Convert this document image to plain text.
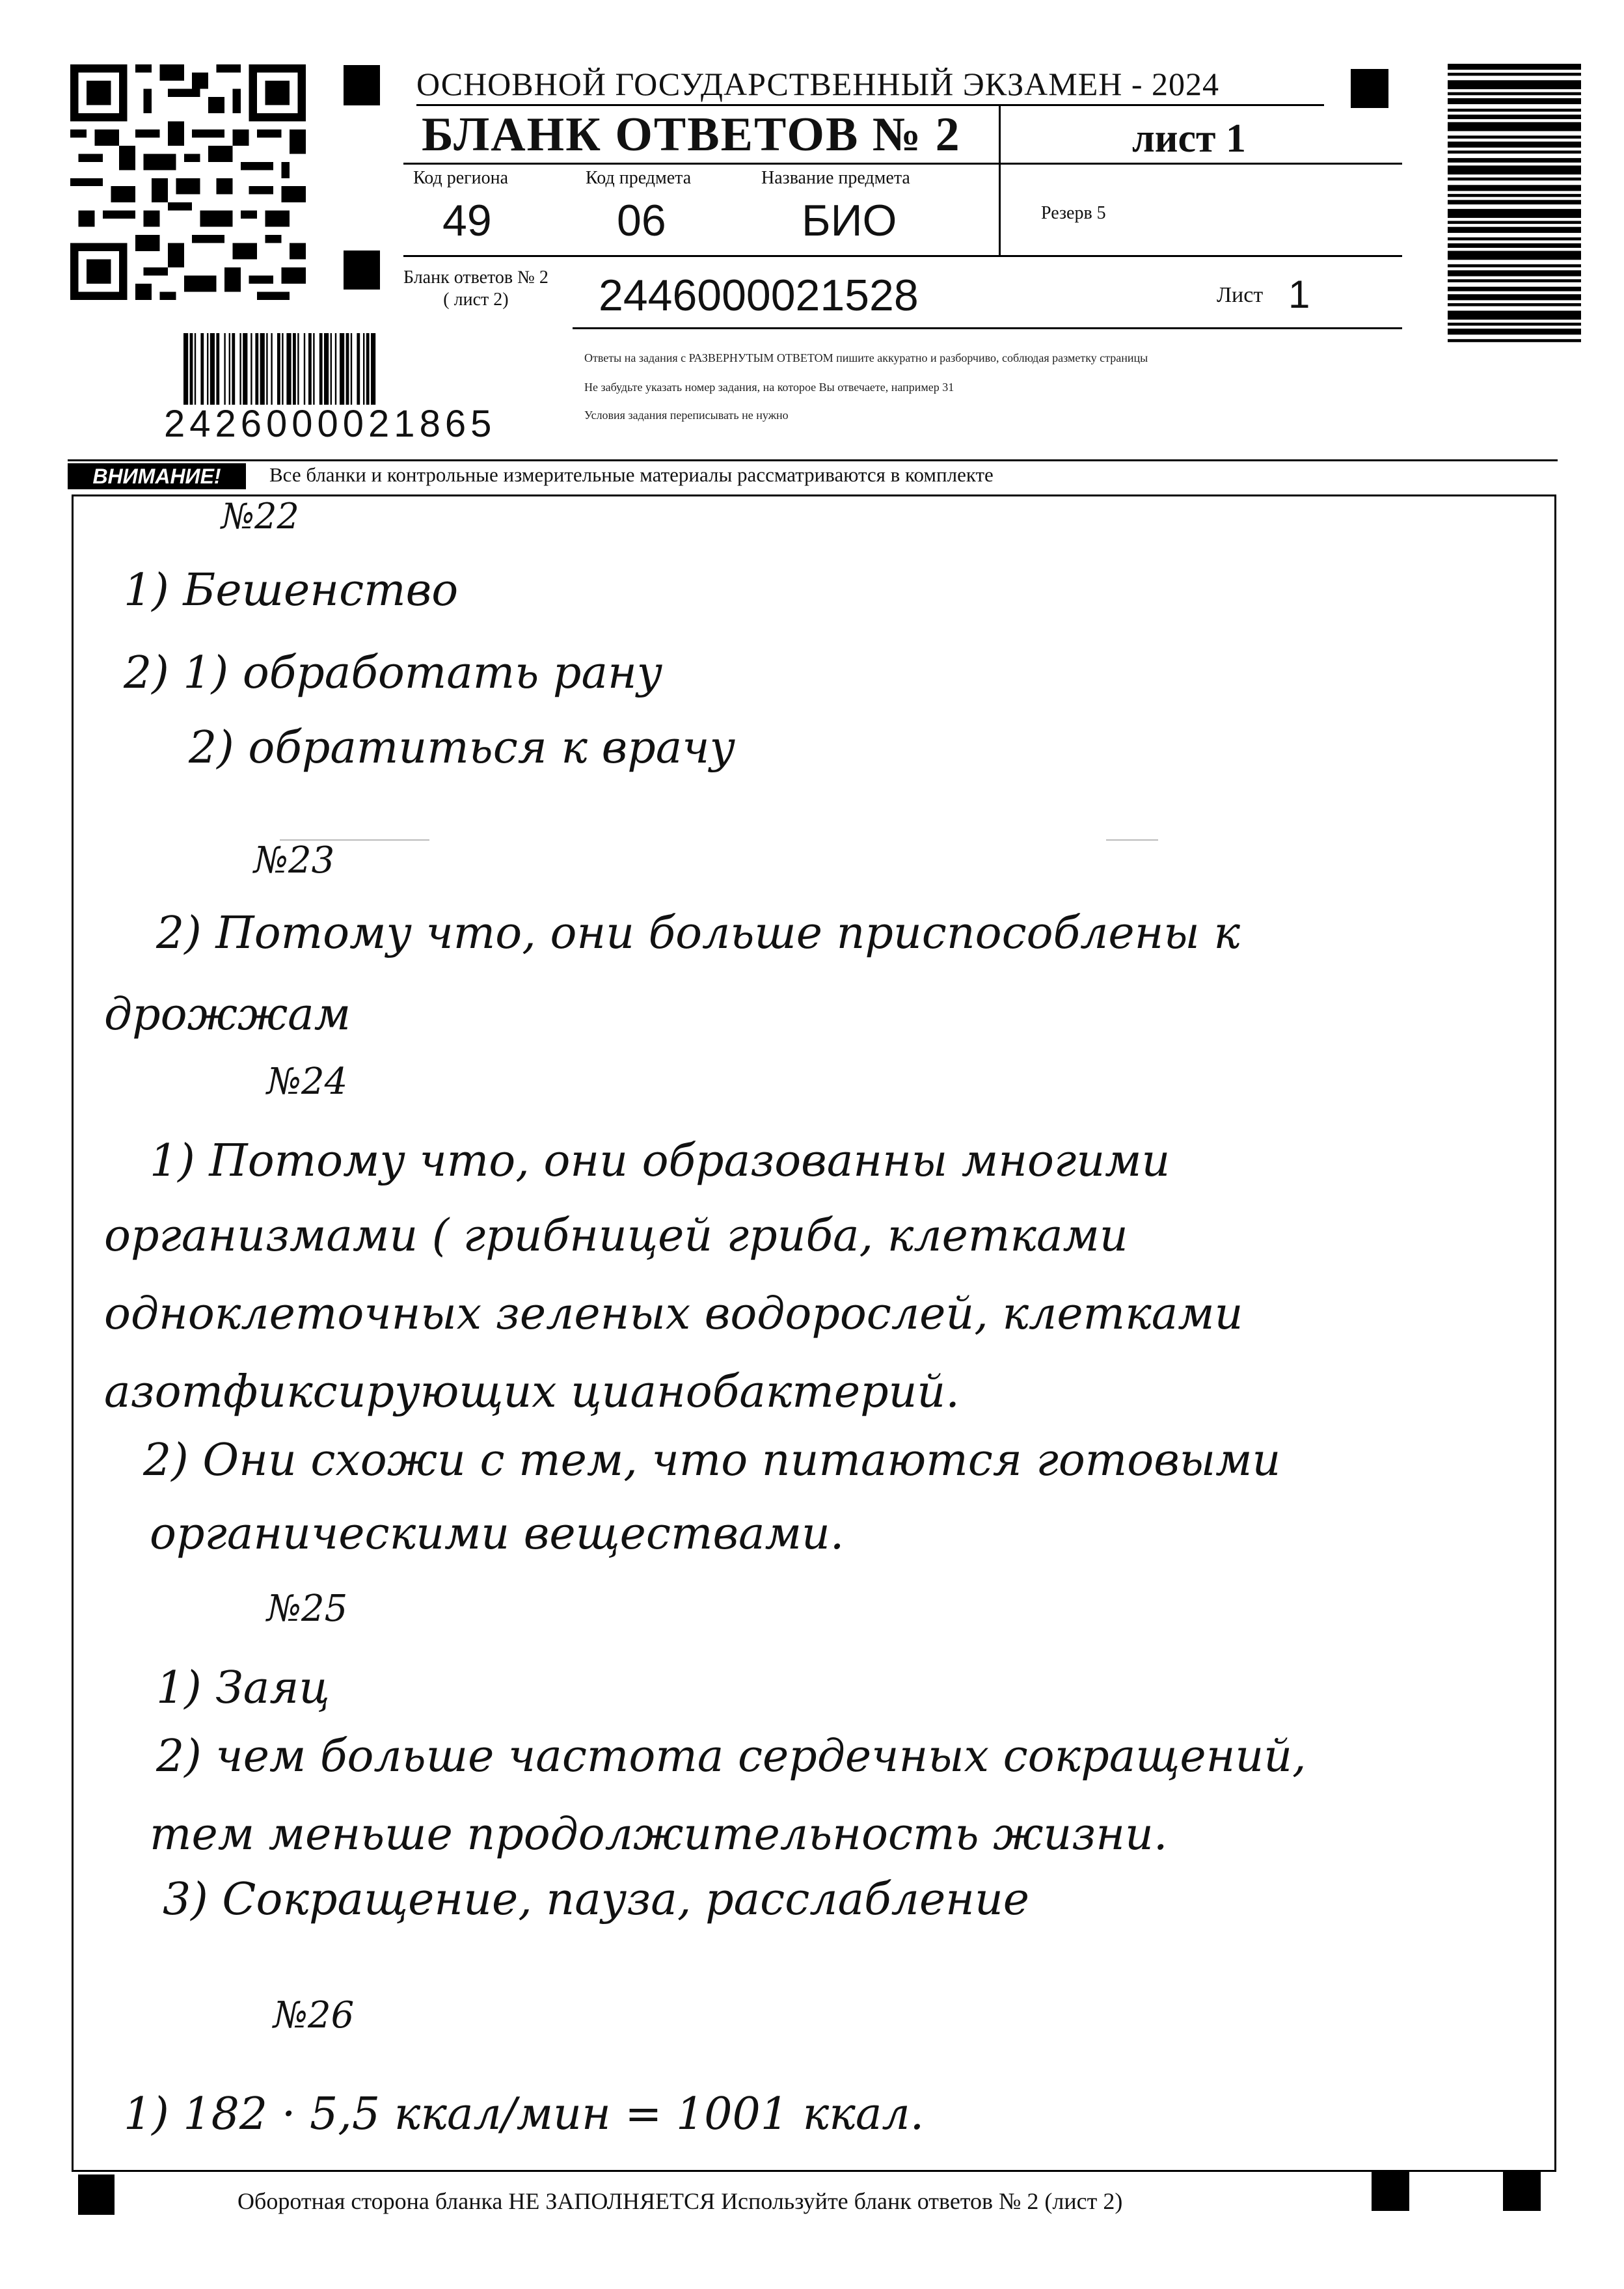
ОСНОВНОЙ ГОСУДАРСТВЕННЫЙ ЭКЗАМЕН - 2024
БЛАНК ОТВЕТОВ № 2	лист 1
Код региона
49
Код предмета
06
Название предмета
БИО	Резерв 5
Бланк ответов № 2
( лист 2)	2446000021528	Лист 1
Ответы на задания с РАЗВЕРНУТЫМ ОТВЕТОМ пишите аккуратно и разборчиво, соблюдая разметку страницы
Не забудьте указать номер задания, на которое Вы отвечаете, например 31
Условия задания переписывать не нужно
2426000021865
ВНИМАНИЕ!	Все бланки и контрольные измерительные материалы рассматриваются в комплекте
№22
1) Бешенство
2) 1) обработать рану
2) обратиться к врачу
№23
2) Потому что, они больше приспособлены к
дрожжам
№24
1) Потому что, они образованны многими
организмами ( грибницей гриба, клетками
одноклеточных зеленых водорослей, клетками
азотфиксирующих цианобактерий.
2) Они схожи с тем, что питаются готовыми
органическими веществами.
№25
1) Заяц
2) чем больше частота сердечных сокращений,
тем меньше продолжительность жизни.
3) Сокращение, пауза, расслабление
№26
1) 182 · 5,5 ккал/мин = 1001 ккал.
Оборотная сторона бланка НЕ ЗАПОЛНЯЕТСЯ Используйте бланк ответов № 2 (лист 2)
